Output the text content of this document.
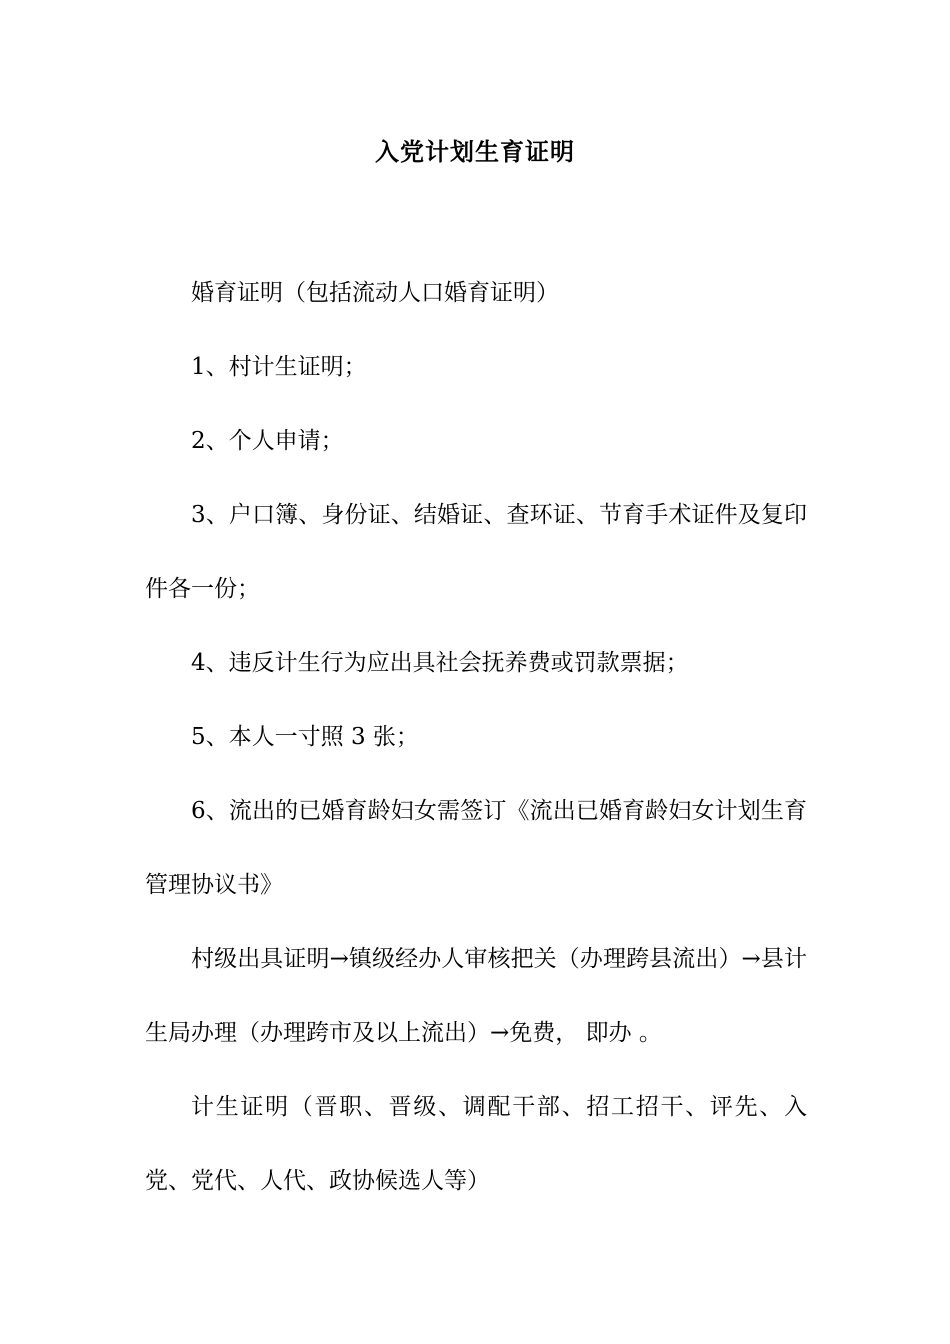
入党计划生育证明

婚育证明（包括流动人口婚育证明）

1、村计生证明；

2、个人申请；

3、户口簿、身份证、结婚证、查环证、节育手术证件及复印件各一份；

4、违反计生行为应出具社会抚养费或罚款票据；

5、本人一寸照 3 张；

6、流出的已婚育龄妇女需签订《流出已婚育龄妇女计划生育管理协议书》

村级出具证明→镇级经办人审核把关（办理跨县流出）→县计生局办理（办理跨市及以上流出）→免费， 即办 。

计生证明（晋职、晋级、调配干部、招工招干、评先、入党、党代、人代、政协候选人等）
